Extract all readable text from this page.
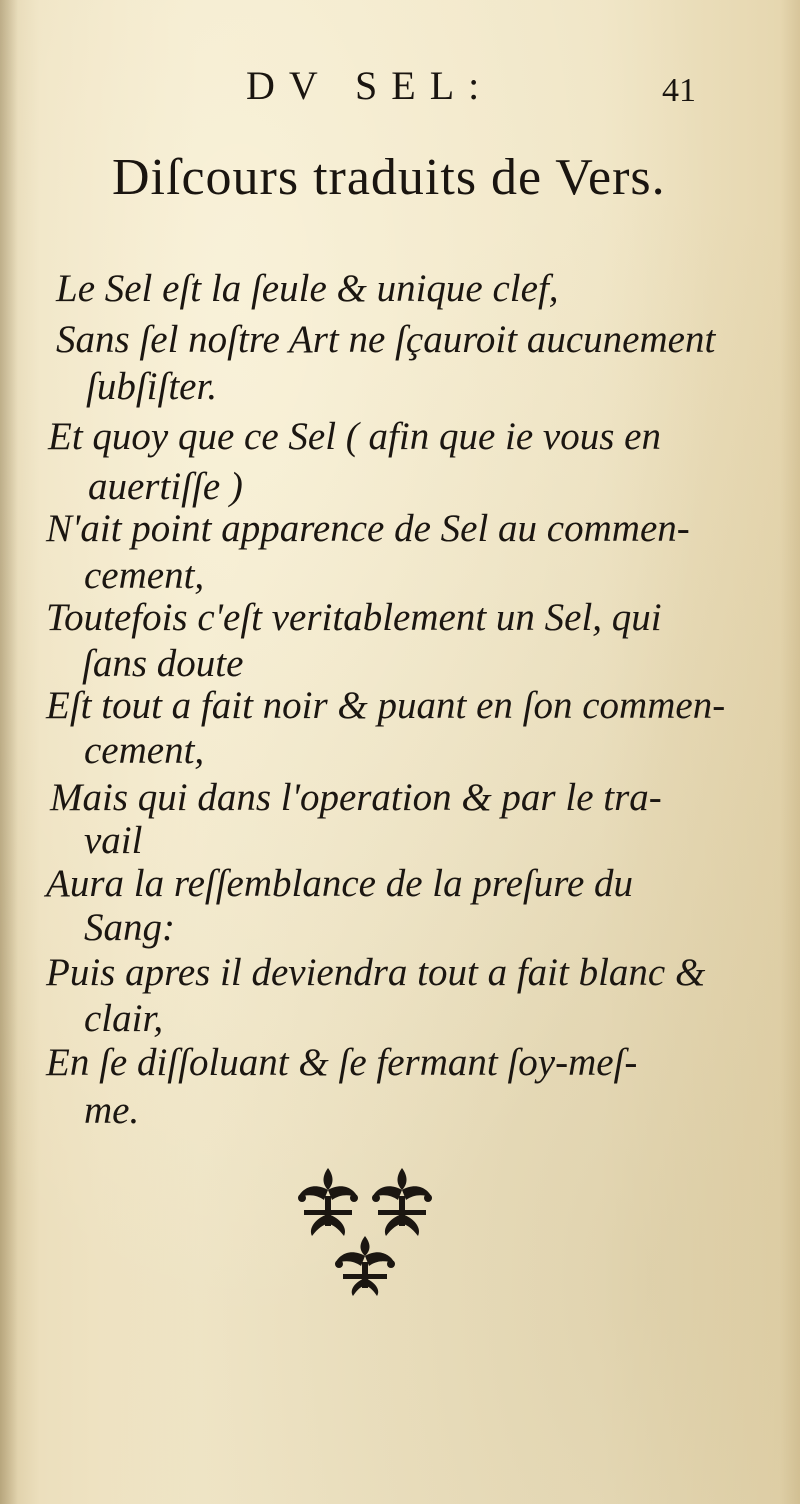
DV SEL:	41
Diſcours traduits de Vers.
Le Sel eſt la ſeule & unique clef,
Sans ſel noſtre Art ne ſçauroit aucunement
ſubſiſter.
Et quoy que ce Sel ( afin que ie vous en
auertiſſe )
N'ait point apparence de Sel au commen-
cement,
Toutefois c'eſt veritablement un Sel, qui
ſans doute
Eſt tout a fait noir & puant en ſon commen-
cement,
Mais qui dans l'operation & par le tra-
vail
Aura la reſſemblance de la preſure du
Sang:
Puis apres il deviendra tout a fait blanc &
clair,
En ſe diſſoluant & ſe fermant ſoy-meſ-
me.
